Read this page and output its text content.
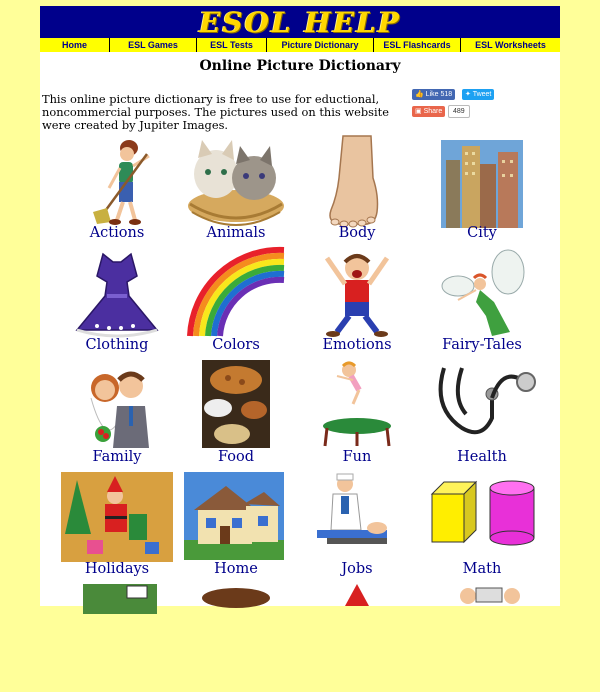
ESOL HELP
Home	ESL Games	ESL Tests	Picture Dictionary	ESL Flashcards	ESL Worksheets
Online Picture Dictionary
This online picture dictionary is free to use for eductional, noncommercial purposes. The pictures used on this website were created by Jupiter Images.
👍 Like 518	✦ Tweet
▣ Share	489
Actions	Animals	Body	City
Clothing	Colors	Emotions	Fairy-Tales
Family	Food	Fun	Health
Holidays	Home	Jobs	Math
